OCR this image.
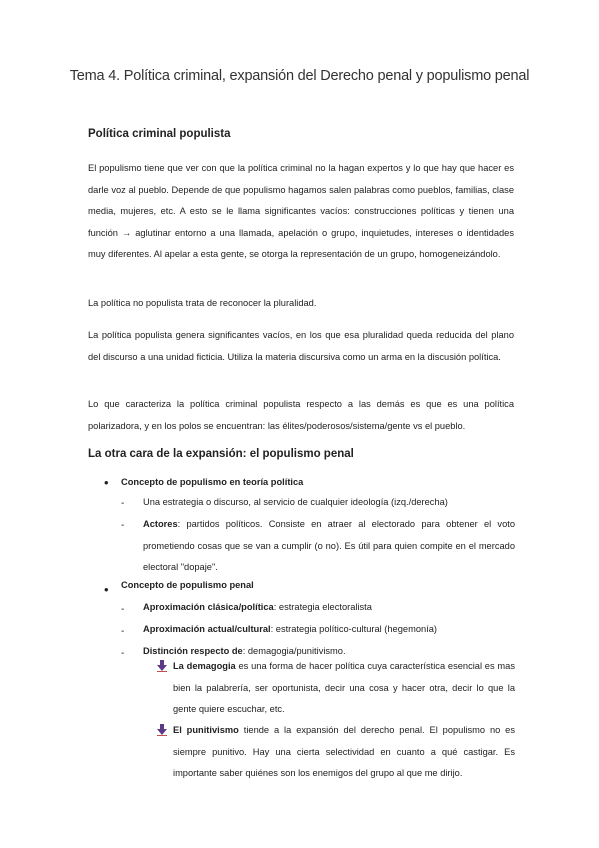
Tema 4. Política criminal, expansión del Derecho penal y populismo penal
Política criminal populista

El populismo tiene que ver con que la política criminal no la hagan expertos y lo que hay que hacer es darle voz al pueblo. Depende de que populismo hagamos salen palabras como pueblos, familias, clase media, mujeres, etc. A esto se le llama significantes vacíos: construcciones políticas y tienen una función → aglutinar entorno a una llamada, apelación o grupo, inquietudes, intereses o identidades muy diferentes. Al apelar a esta gente, se otorga la representación de un grupo, homogeneizándolo.

La política no populista trata de reconocer la pluralidad.

La política populista genera significantes vacíos, en los que esa pluralidad queda reducida del plano del discurso a una unidad ficticia. Utiliza la materia discursiva como un arma en la discusión política.

Lo que caracteriza la política criminal populista respecto a las demás es que es una política polarizadora, y en los polos se encuentran: las élites/poderosos/sistema/gente vs el pueblo.

La otra cara de la expansión: el populismo penal
• Concepto de populismo en teoría política
- Una estrategia o discurso, al servicio de cualquier ideología (izq./derecha)
- Actores: partidos políticos. Consiste en atraer al electorado para obtener el voto prometiendo cosas que se van a cumplir (o no). Es útil para quien compite en el mercado electoral "dopaje".
• Concepto de populismo penal
- Aproximación clásica/política: estrategia electoralista
- Aproximación actual/cultural: estrategia político-cultural (hegemonía)
- Distinción respecto de: demagogia/punitivismo.
La demagogia es una forma de hacer política cuya característica esencial es mas bien la palabrería, ser oportunista, decir una cosa y hacer otra, decir lo que la gente quiere escuchar, etc.
El punitivismo tiende a la expansión del derecho penal. El populismo no es siempre punitivo. Hay una cierta selectividad en cuanto a qué castigar. Es importante saber quiénes son los enemigos del grupo al que me dirijo.
